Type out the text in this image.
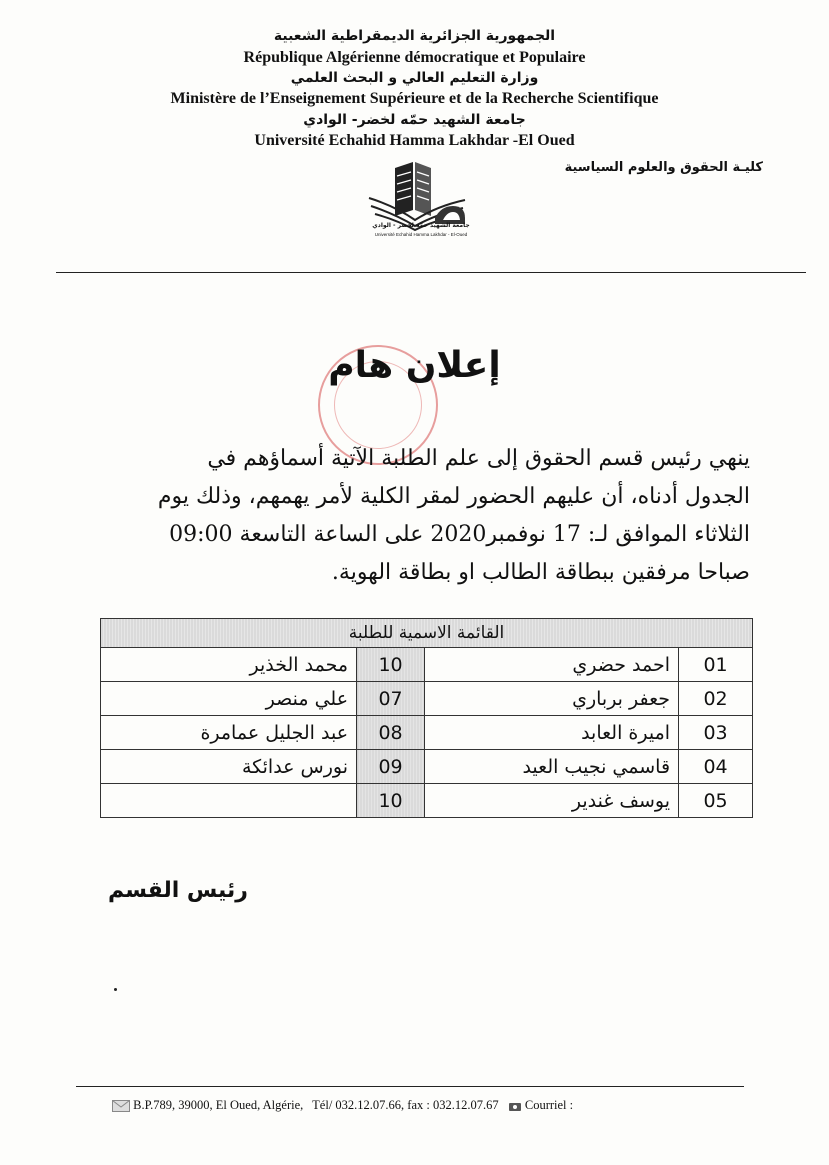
الجمهورية الجزائرية الديمقراطية الشعبية
République Algérienne démocratique et Populaire
وزارة التعليم العالي و البحث العلمي
Ministère de l’Enseignement Supérieure et de la Recherche Scientifique
جامعة الشهيد حمّه لخضر- الوادي
Université Echahid Hamma Lakhdar -El Oued
كليـة الحقوق والعلوم السياسية
جامعة الشهيد حمّه لخضر - الوادي
Université Echahid Hamma Lakhdar - El-Oued
إعلان هام

ينهي رئيس قسم الحقوق إلى علم الطلبة الآتية أسماؤهم في

الجدول أدناه، أن عليهم الحضور لمقر الكلية لأمر يهمهم، وذلك يوم

الثلاثاء الموافق لـ: 17 نوفمبر2020 على الساعة التاسعة 09:00

صباحا مرفقين ببطاقة الطالب او بطاقة الهوية.

القائمة الاسمية للطلبة			
01	احمد حضري	10	محمد الخذير
02	جعفر برباري	07	علي منصر
03	اميرة العابد	08	عبد الجليل عمامرة
04	قاسمي نجيب العيد	09	نورس عدائكة
05	يوسف غندير	10	
رئيس القسم
B.P.789, 39000, El Oued, Algérie, Tél/ 032.12.07.66, fax : 032.12.07.67 Courriel :
